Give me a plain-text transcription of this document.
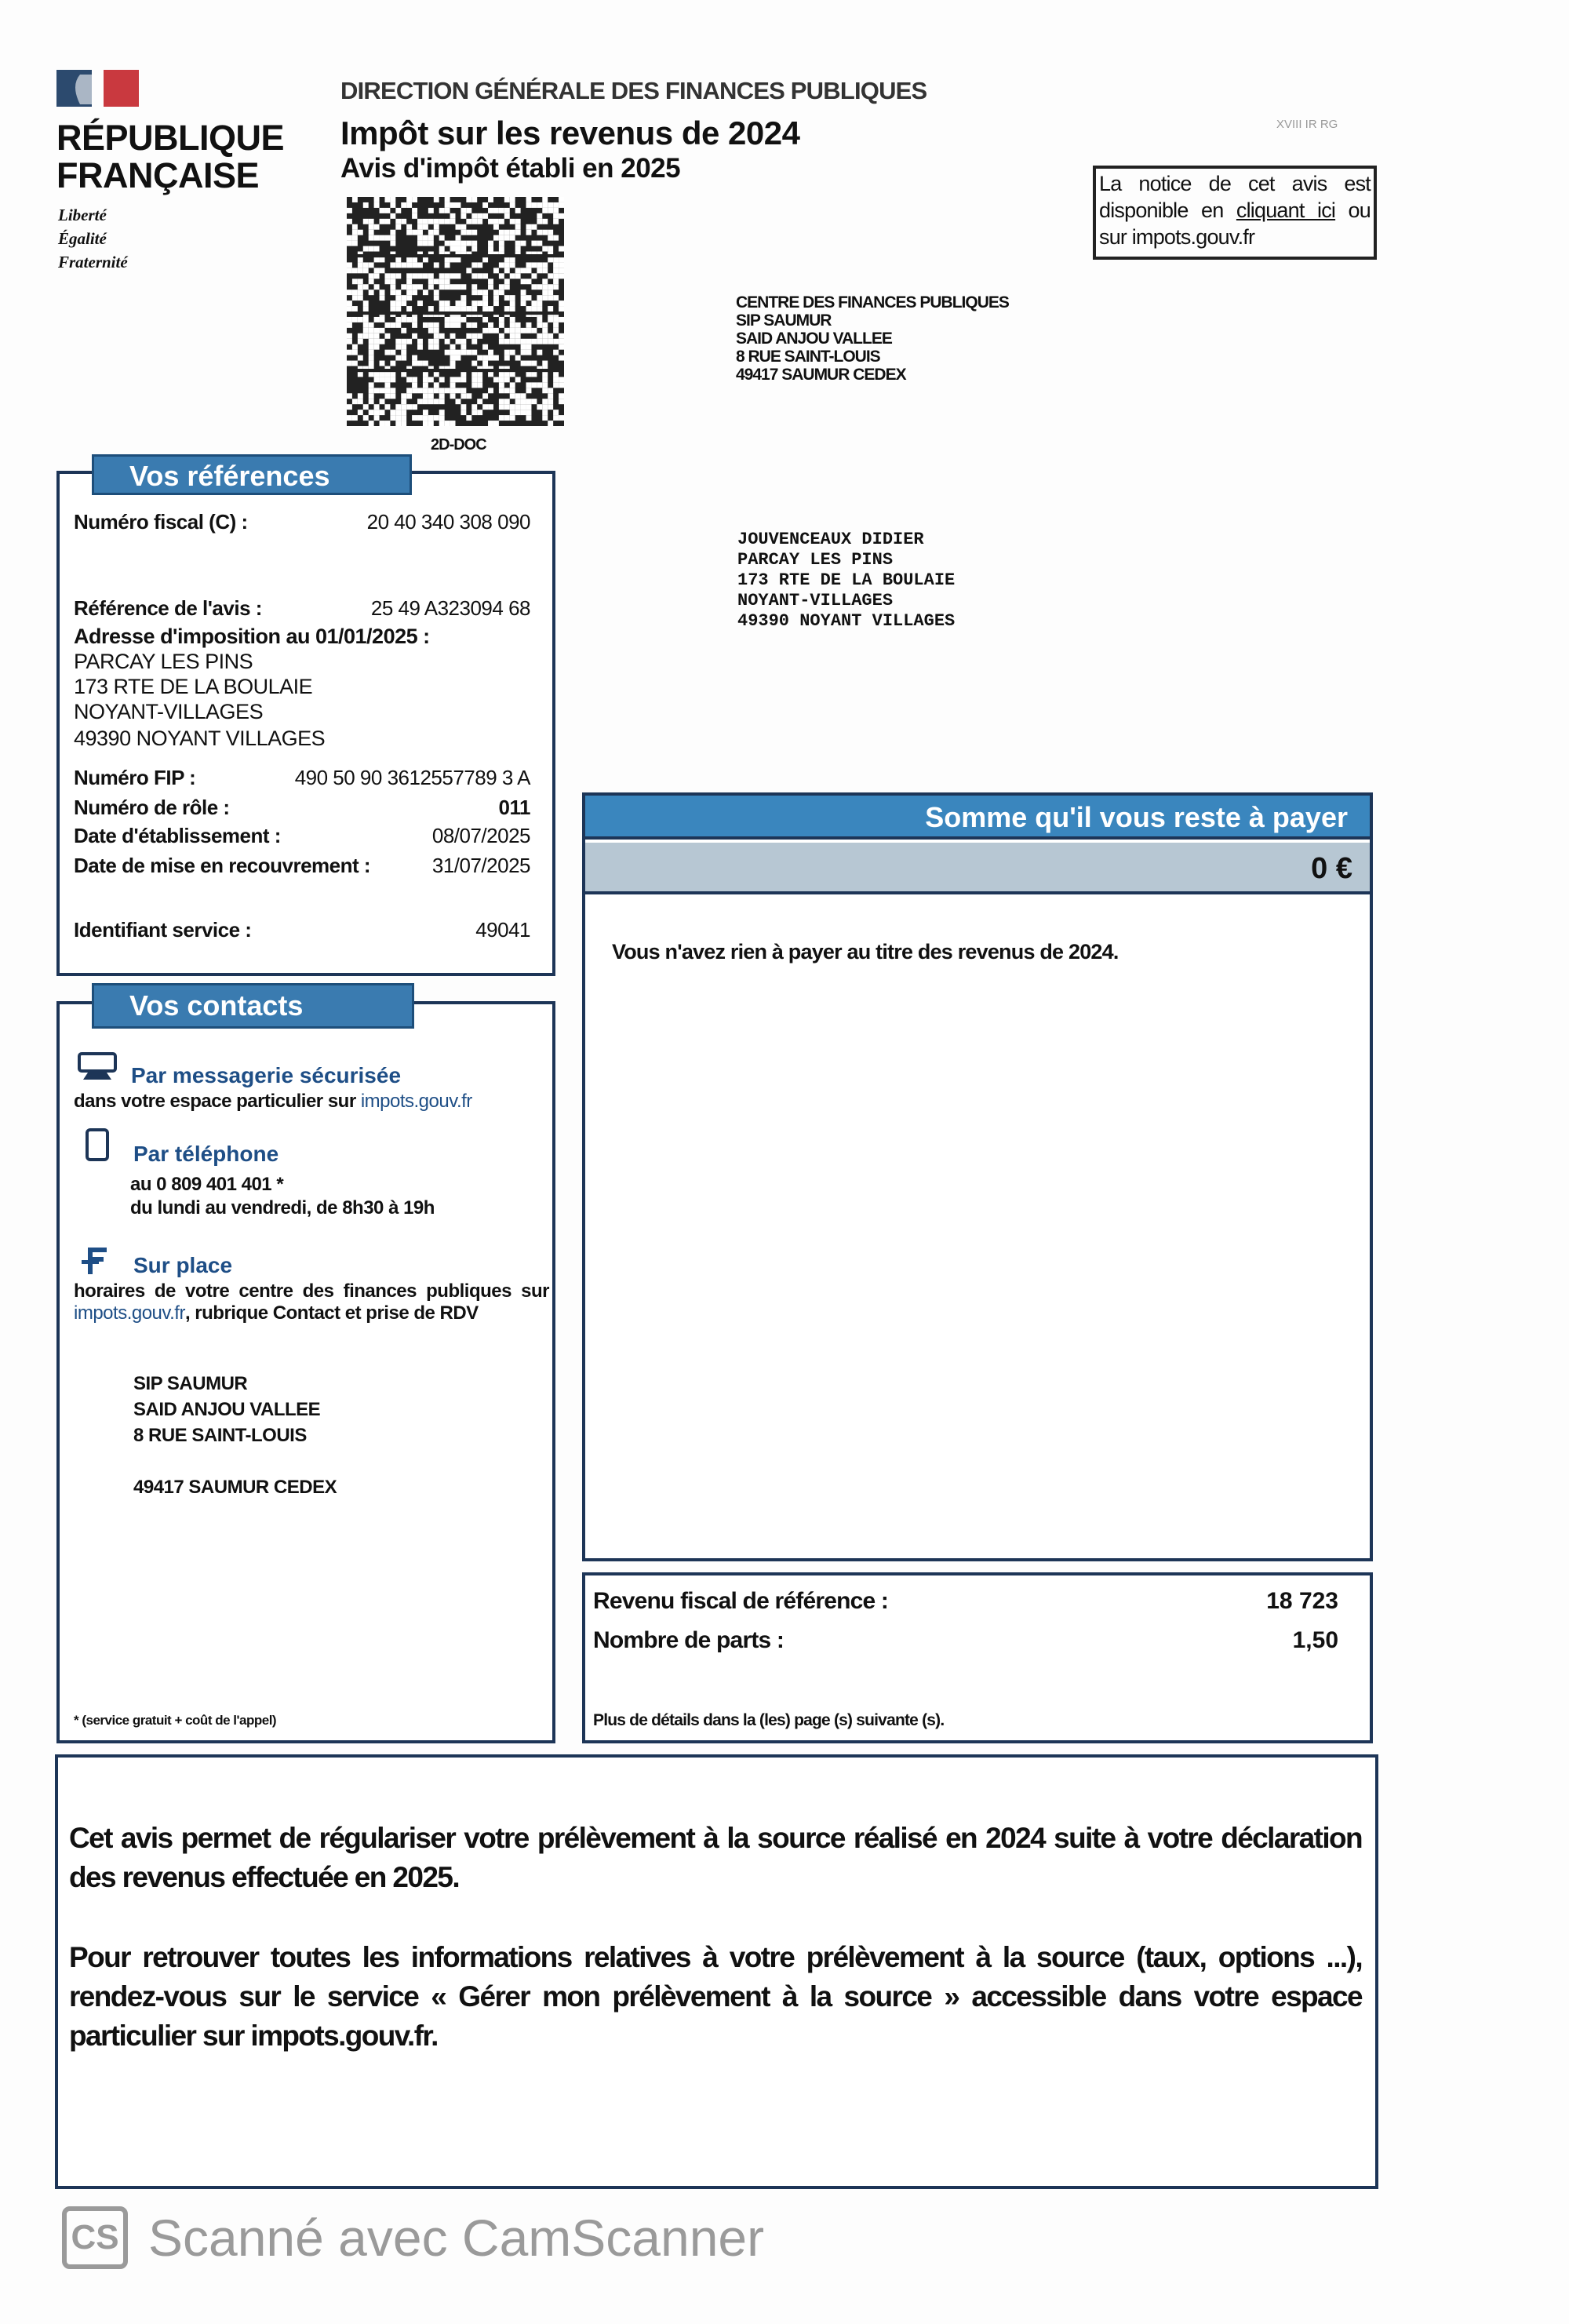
RÉPUBLIQUE
FRANÇAISE
Liberté
Égalité
Fraternité
DIRECTION GÉNÉRALE DES FINANCES PUBLIQUES
Impôt sur les revenus de 2024
Avis d'impôt établi en 2025
XVIII IR RG
La notice de cet avis est disponible en cliquant ici ou sur impots.gouv.fr
2D-DOC
CENTRE DES FINANCES PUBLIQUES
SIP SAUMUR
SAID ANJOU VALLEE
8 RUE SAINT-LOUIS
49417 SAUMUR CEDEX
JOUVENCEAUX DIDIER
PARCAY LES PINS
173 RTE DE LA BOULAIE
NOYANT-VILLAGES
49390 NOYANT VILLAGES
Vos références
Numéro fiscal (C) :	20 40 340 308 090
Référence de l'avis :	25 49 A323094 68
Adresse d'imposition au 01/01/2025 :
PARCAY LES PINS
173 RTE DE LA BOULAIE
NOYANT-VILLAGES
49390 NOYANT VILLAGES
Numéro FIP :	490 50 90 3612557789 3 A
Numéro de rôle :	011
Date d'établissement :	08/07/2025
Date de mise en recouvrement :	31/07/2025
Identifiant service :	49041
Vos contacts
Par messagerie sécurisée
dans votre espace particulier sur impots.gouv.fr
Par téléphone
au 0 809 401 401 *
du lundi au vendredi, de 8h30 à 19h
Sur place
horaires de votre centre des finances publiques sur
impots.gouv.fr, rubrique Contact et prise de RDV
SIP SAUMUR
SAID ANJOU VALLEE
8 RUE SAINT-LOUIS
49417 SAUMUR CEDEX
* (service gratuit + coût de l'appel)
Somme qu'il vous reste à payer
0 €
Vous n'avez rien à payer au titre des revenus de 2024.
Revenu fiscal de référence :	18 723
Nombre de parts :	1,50
Plus de détails dans la (les) page (s) suivante (s).
Cet avis permet de régulariser votre prélèvement à la source réalisé en 2024 suite à votre déclaration des revenus effectuée en 2025.
Pour retrouver toutes les informations relatives à votre prélèvement à la source (taux, options ...), rendez-vous sur le service « Gérer mon prélèvement à la source » accessible dans votre espace particulier sur impots.gouv.fr.
CS Scanné avec CamScanner
